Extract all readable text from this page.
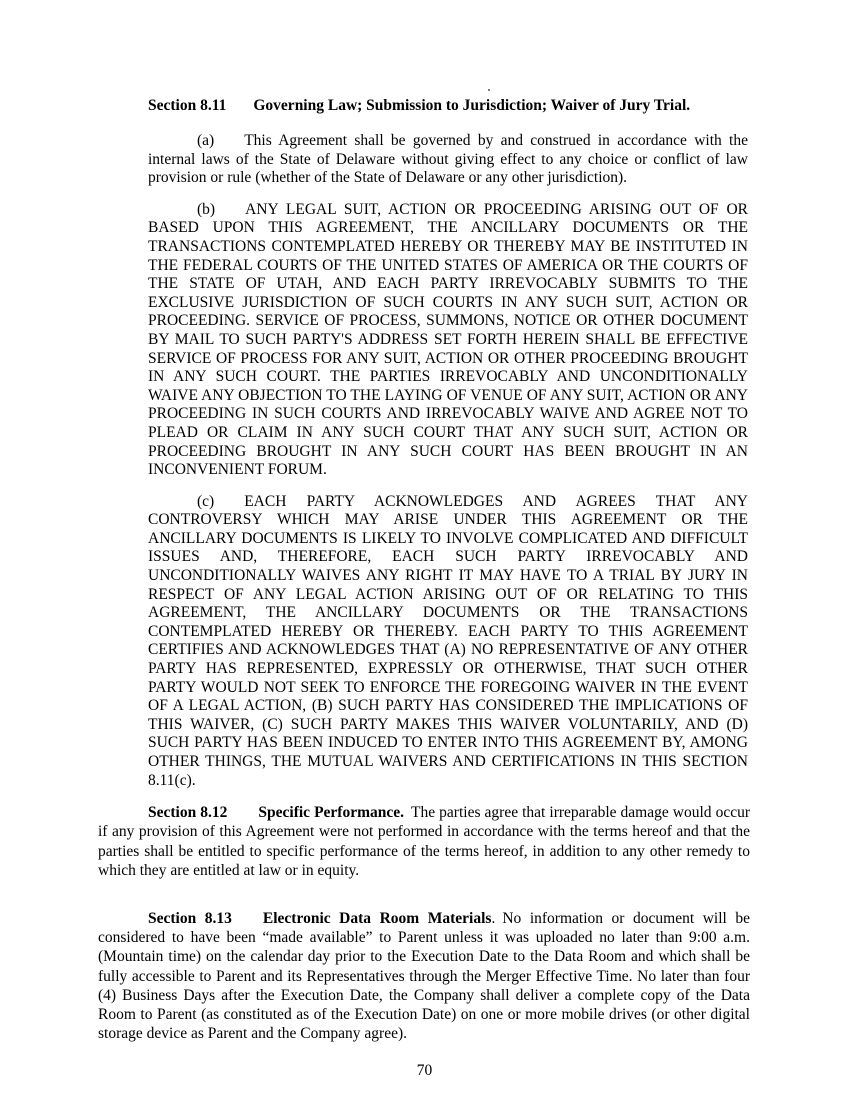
Section 8.11 Governing Law; Submission to Jurisdiction; Waiver of Jury Trial.

(a) This Agreement shall be governed by and construed in accordance with the internal laws of the State of Delaware without giving effect to any choice or conflict of law provision or rule (whether of the State of Delaware or any other jurisdiction).

(b) ANY LEGAL SUIT, ACTION OR PROCEEDING ARISING OUT OF OR BASED UPON THIS AGREEMENT, THE ANCILLARY DOCUMENTS OR THE TRANSACTIONS CONTEMPLATED HEREBY OR THEREBY MAY BE INSTITUTED IN THE FEDERAL COURTS OF THE UNITED STATES OF AMERICA OR THE COURTS OF THE STATE OF UTAH, AND EACH PARTY IRREVOCABLY SUBMITS TO THE EXCLUSIVE JURISDICTION OF SUCH COURTS IN ANY SUCH SUIT, ACTION OR PROCEEDING. SERVICE OF PROCESS, SUMMONS, NOTICE OR OTHER DOCUMENT BY MAIL TO SUCH PARTY'S ADDRESS SET FORTH HEREIN SHALL BE EFFECTIVE SERVICE OF PROCESS FOR ANY SUIT, ACTION OR OTHER PROCEEDING BROUGHT IN ANY SUCH COURT. THE PARTIES IRREVOCABLY AND UNCONDITIONALLY WAIVE ANY OBJECTION TO THE LAYING OF VENUE OF ANY SUIT, ACTION OR ANY PROCEEDING IN SUCH COURTS AND IRREVOCABLY WAIVE AND AGREE NOT TO PLEAD OR CLAIM IN ANY SUCH COURT THAT ANY SUCH SUIT, ACTION OR PROCEEDING BROUGHT IN ANY SUCH COURT HAS BEEN BROUGHT IN AN INCONVENIENT FORUM.

(c) EACH PARTY ACKNOWLEDGES AND AGREES THAT ANY CONTROVERSY WHICH MAY ARISE UNDER THIS AGREEMENT OR THE ANCILLARY DOCUMENTS IS LIKELY TO INVOLVE COMPLICATED AND DIFFICULT ISSUES AND, THEREFORE, EACH SUCH PARTY IRREVOCABLY AND UNCONDITIONALLY WAIVES ANY RIGHT IT MAY HAVE TO A TRIAL BY JURY IN RESPECT OF ANY LEGAL ACTION ARISING OUT OF OR RELATING TO THIS AGREEMENT, THE ANCILLARY DOCUMENTS OR THE TRANSACTIONS CONTEMPLATED HEREBY OR THEREBY. EACH PARTY TO THIS AGREEMENT CERTIFIES AND ACKNOWLEDGES THAT (A) NO REPRESENTATIVE OF ANY OTHER PARTY HAS REPRESENTED, EXPRESSLY OR OTHERWISE, THAT SUCH OTHER PARTY WOULD NOT SEEK TO ENFORCE THE FOREGOING WAIVER IN THE EVENT OF A LEGAL ACTION, (B) SUCH PARTY HAS CONSIDERED THE IMPLICATIONS OF THIS WAIVER, (C) SUCH PARTY MAKES THIS WAIVER VOLUNTARILY, AND (D) SUCH PARTY HAS BEEN INDUCED TO ENTER INTO THIS AGREEMENT BY, AMONG OTHER THINGS, THE MUTUAL WAIVERS AND CERTIFICATIONS IN THIS SECTION 8.11(c).

Section 8.12 Specific Performance. The parties agree that irreparable damage would occur if any provision of this Agreement were not performed in accordance with the terms hereof and that the parties shall be entitled to specific performance of the terms hereof, in addition to any other remedy to which they are entitled at law or in equity.

Section 8.13 Electronic Data Room Materials. No information or document will be considered to have been “made available” to Parent unless it was uploaded no later than 9:00 a.m. (Mountain time) on the calendar day prior to the Execution Date to the Data Room and which shall be fully accessible to Parent and its Representatives through the Merger Effective Time. No later than four (4) Business Days after the Execution Date, the Company shall deliver a complete copy of the Data Room to Parent (as constituted as of the Execution Date) on one or more mobile drives (or other digital storage device as Parent and the Company agree).

70
